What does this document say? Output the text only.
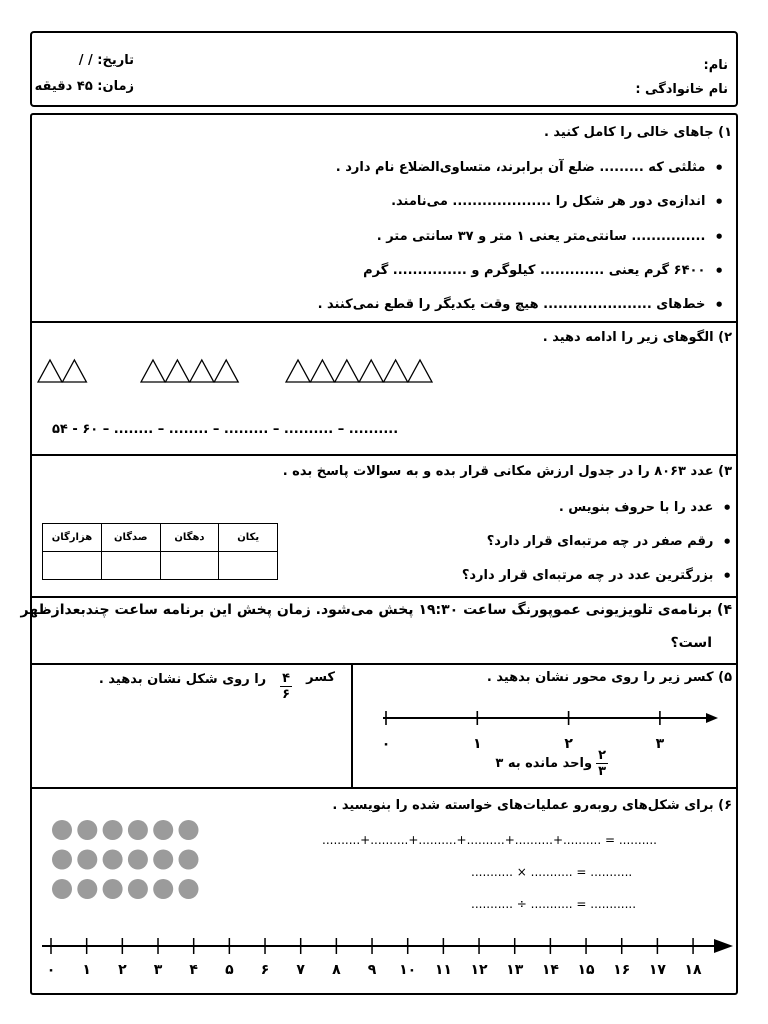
نام:
نام خانوادگی :
تاریخ: / /
زمان: ۴۵ دقیقه
۱) جاهای خالی را کامل کنید .
•
مثلثی که ......... ضلع آن برابرند، متساوی‌الضلاع نام دارد .
•
اندازه‌ی دور هر شکل را .................... می‌نامند.
•
............... سانتی‌متر یعنی ۱ متر و ۳۷ سانتی متر .
•
۶۴۰۰ گرم یعنی ............. کیلوگرم و ............... گرم
•
خط‌های ...................... هیچ وقت یکدیگر را قطع نمی‌کنند .
۲) الگوهای زیر را ادامه دهید .
۵۴ - ۶۰ – ........ – ........ – ......... – .......... – ..........
۳) عدد ۸۰۶۳ را در جدول ارزش مکانی قرار بده و به سوالات پاسخ بده .
•
عدد را با حروف بنویس .
•
رقم صفر در چه مرتبه‌ای قرار دارد؟
•
بزرگترین عدد در چه مرتبه‌ای قرار دارد؟
یکان	دهگان	صدگان	هزارگان

۴) برنامه‌ی تلویزیونی عموپورنگ ساعت ۱۹:۳۰ پخش می‌شود. زمان پخش این برنامه ساعت چندبعدازظهر
است؟
۵) کسر زیر را روی محور نشان بدهید .
۰	۱	۲	۳
$\frac{۲}{۳}$
واحد مانده به ۳
کسر
$\frac{۴}{۶}$
را روی شکل نشان بدهید .
۶) برای شکل‌های روبه‌رو عملیات‌های خواسته شده را بنویسید .
..........+..........+..........+..........+..........+.......... = ..........
........... × ........... = ...........
........... ÷ ........... = ............
۰ ۱ ۲ ۳ ۴ ۵ ۶ ۷ ۸ ۹ ۱۰ ۱۱ ۱۲ ۱۳ ۱۴ ۱۵ ۱۶ ۱۷ ۱۸
